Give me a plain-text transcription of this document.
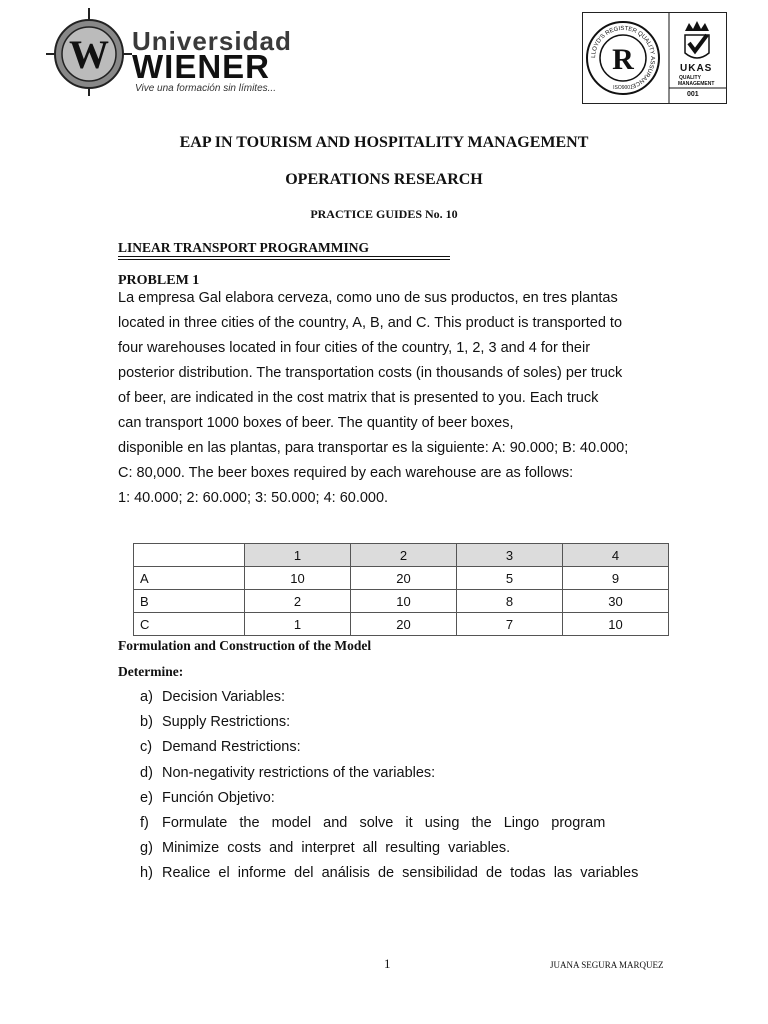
W Universidad
WIENER
Vive una formación sin límites...
LLOYD'S REGISTER QUALITY ASSURANCE
R
ISO9001
UKAS
QUALITY
MANAGEMENT
001
EAP IN TOURISM AND HOSPITALITY MANAGEMENT
OPERATIONS RESEARCH
PRACTICE GUIDES No. 10
LINEAR TRANSPORT PROGRAMMING
PROBLEM 1
La empresa Gal elabora cerveza, como uno de sus productos, en tres plantas
located in three cities of the country, A, B, and C. This product is transported to
four warehouses located in four cities of the country, 1, 2, 3 and 4 for their
posterior distribution. The transportation costs (in thousands of soles) per truck
of beer, are indicated in the cost matrix that is presented to you. Each truck
can transport 1000 boxes of beer. The quantity of beer boxes,
disponible en las plantas, para transportar es la siguiente: A: 90.000; B: 40.000;
C: 80,000. The beer boxes required by each warehouse are as follows:
1: 40.000; 2: 60.000; 3: 50.000; 4: 60.000.
	1	2	3	4
A	10	20	5	9
B	2	10	8	30
C	1	20	7	10
Formulation and Construction of the Model
Determine:
a) Decision Variables:
b) Supply Restrictions:
c) Demand Restrictions:
d) Non-negativity restrictions of the variables:
e) Función Objetivo:
f) Formulate   the   model   and   solve   it   using   the   Lingo   program
g) Minimize  costs  and  interpret  all  resulting  variables.
h) Realice  el  informe  del  análisis  de  sensibilidad  de  todas  las  variables
1	JUANA SEGURA MARQUEZ
